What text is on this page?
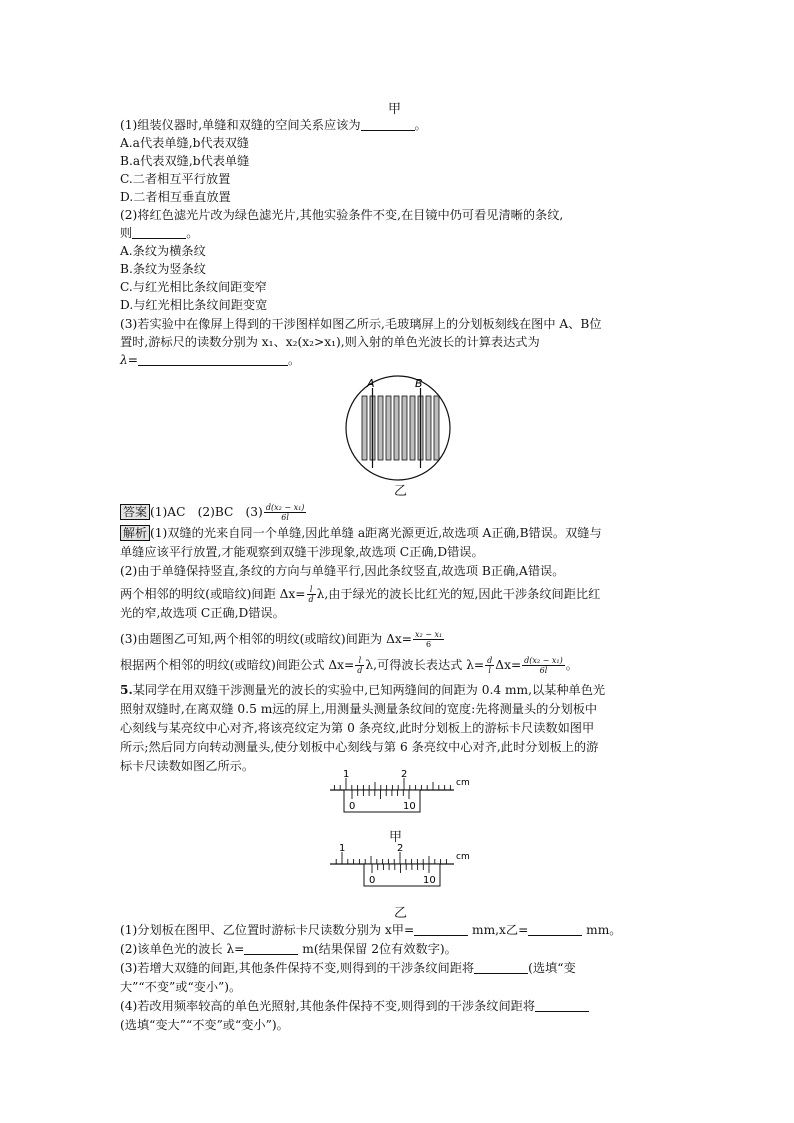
甲
(1)组装仪器时,单缝和双缝的空间关系应该为	。
A.a代表单缝,b代表双缝
B.a代表双缝,b代表单缝
C.二者相互平行放置
D.二者相互垂直放置
(2)将红色滤光片改为绿色滤光片,其他实验条件不变,在目镜中仍可看见清晰的条纹,
则	。
A.条纹为横条纹
B.条纹为竖条纹
C.与红光相比条纹间距变窄
D.与红光相比条纹间距变宽
(3)若实验中在像屏上得到的干涉图样如图乙所示,毛玻璃屏上的分划板刻线在图中 A、B位
置时,游标尺的读数分别为 x₁、x₂(x₂>x₁),则入射的单色光波长的计算表达式为
λ=	。
A	B
乙
答案 (1)AC　(2)BC　$(3) \frac{\text{d(x₂ − x₁)}}{6l}$
解析 (1)双缝的光来自同一个单缝,因此单缝 a距离光源更近,故选项 A正确,B错误。双缝与
单缝应该平行放置,才能观察到双缝干涉现象,故选项 C正确,D错误。
(2)由于单缝保持竖直,条纹的方向与单缝平行,因此条纹竖直,故选项 B正确,A错误。
两个相邻的明纹(或暗纹)间距 $\Delta x= \frac{l}{d} \lambda$,由于绿光的波长比红光的短,因此干涉条纹间距比红
光的窄,故选项 C正确,D错误。
(3)由题图乙可知,两个相邻的明纹(或暗纹)间距为 $\Delta x= \frac{\text{x₂ − x₁}}{6}$
根据两个相邻的明纹(或暗纹)间距公式 $\Delta x= \frac{l}{d} \lambda$,可得波长表达式 $\lambda= \frac{d}{l} \Delta x= \frac{\text{d(x₂ − x₁)}}{6l}$ 。
5.某同学在用双缝干涉测量光的波长的实验中,已知两缝间的间距为 0.4 mm,以某种单色光
照射双缝时,在离双缝 0.5 m远的屏上,用测量头测量条纹间的宽度:先将测量头的分划板中
心刻线与某亮纹中心对齐,将该亮纹定为第 0 条亮纹,此时分划板上的游标卡尺读数如图甲
所示;然后同方向转动测量头,使分划板中心刻线与第 6 条亮纹中心对齐,此时分划板上的游
标卡尺读数如图乙所示。
1	2
cm
0	10
甲
1	2
cm
0	10
乙
(1)分划板在图甲、乙位置时游标卡尺读数分别为 x甲=	mm,x乙=	mm。
(2)该单色光的波长 λ=	m(结果保留 2位有效数字)。
(3)若增大双缝的间距,其他条件保持不变,则得到的干涉条纹间距将	(选填“变
大”“不变”或“变小”)。
(4)若改用频率较高的单色光照射,其他条件保持不变,则得到的干涉条纹间距将
(选填“变大”“不变”或“变小”)。
